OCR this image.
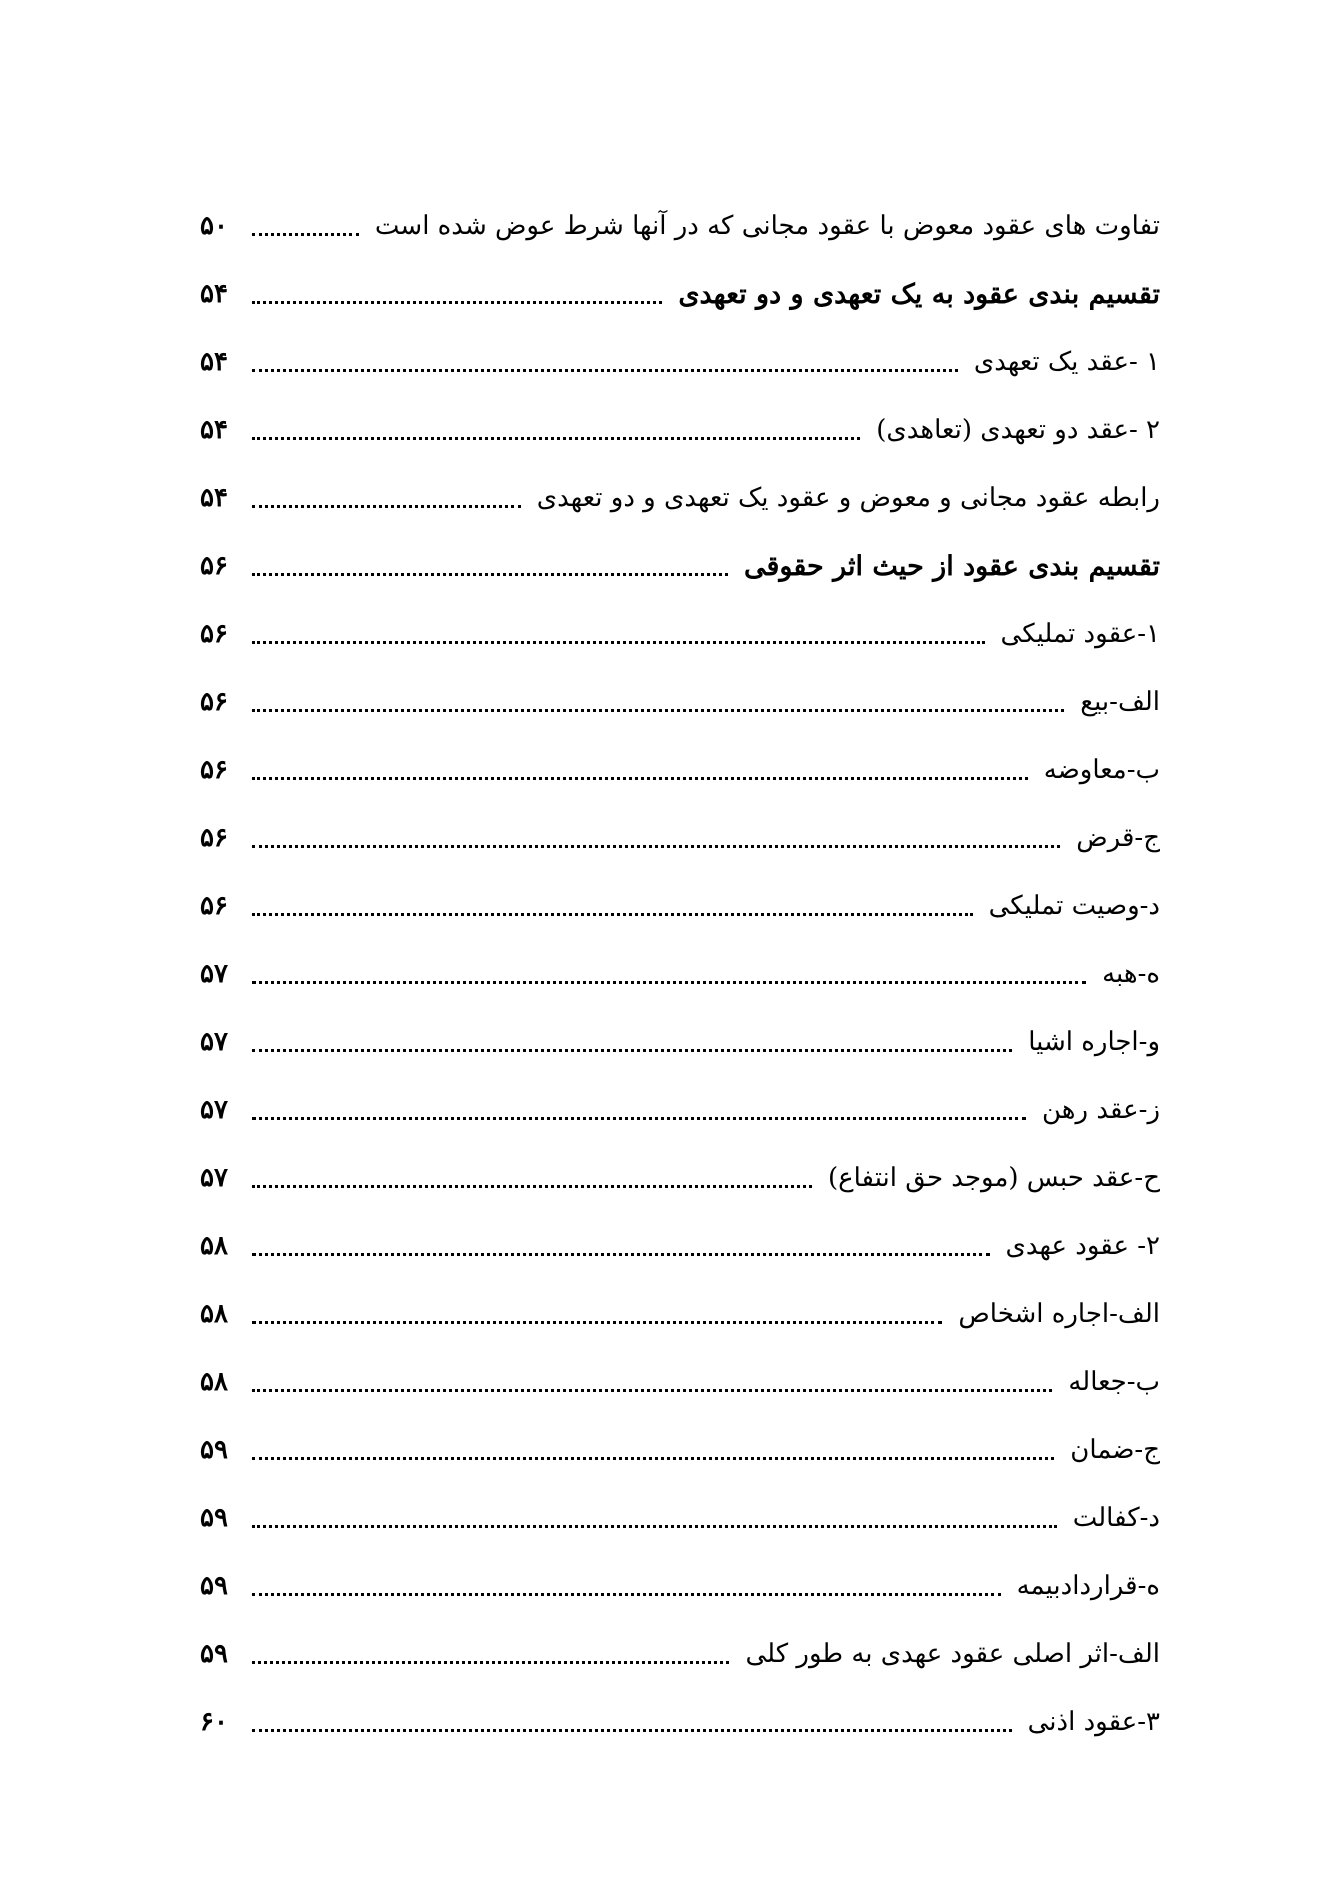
تفاوت های عقود معوض با عقود مجانی که در آنها شرط عوض شده است
۵۰
تقسیم بندی عقود به یک تعهدی و دو تعهدی
۵۴
۱ -عقد یک تعهدی
۵۴
۲ -عقد دو تعهدی (تعاهدی)
۵۴
رابطه عقود مجانی و معوض و عقود یک تعهدی و دو تعهدی
۵۴
تقسیم بندی عقود از حیث اثر حقوقی
۵۶
۱-عقود تملیکی
۵۶
الف-بیع
۵۶
ب-معاوضه
۵۶
ج-قرض
۵۶
د-وصیت تملیکی
۵۶
ه-هبه
۵۷
و-اجاره اشیا
۵۷
ز-عقد رهن
۵۷
ح-عقد حبس (موجد حق انتفاع)
۵۷
۲- عقود عهدی
۵۸
الف-اجاره اشخاص
۵۸
ب-جعاله
۵۸
ج-ضمان
۵۹
د-کفالت
۵۹
ه-قراردادبیمه
۵۹
الف-اثر اصلی عقود عهدی به طور کلی
۵۹
۳-عقود اذنی
۶۰
